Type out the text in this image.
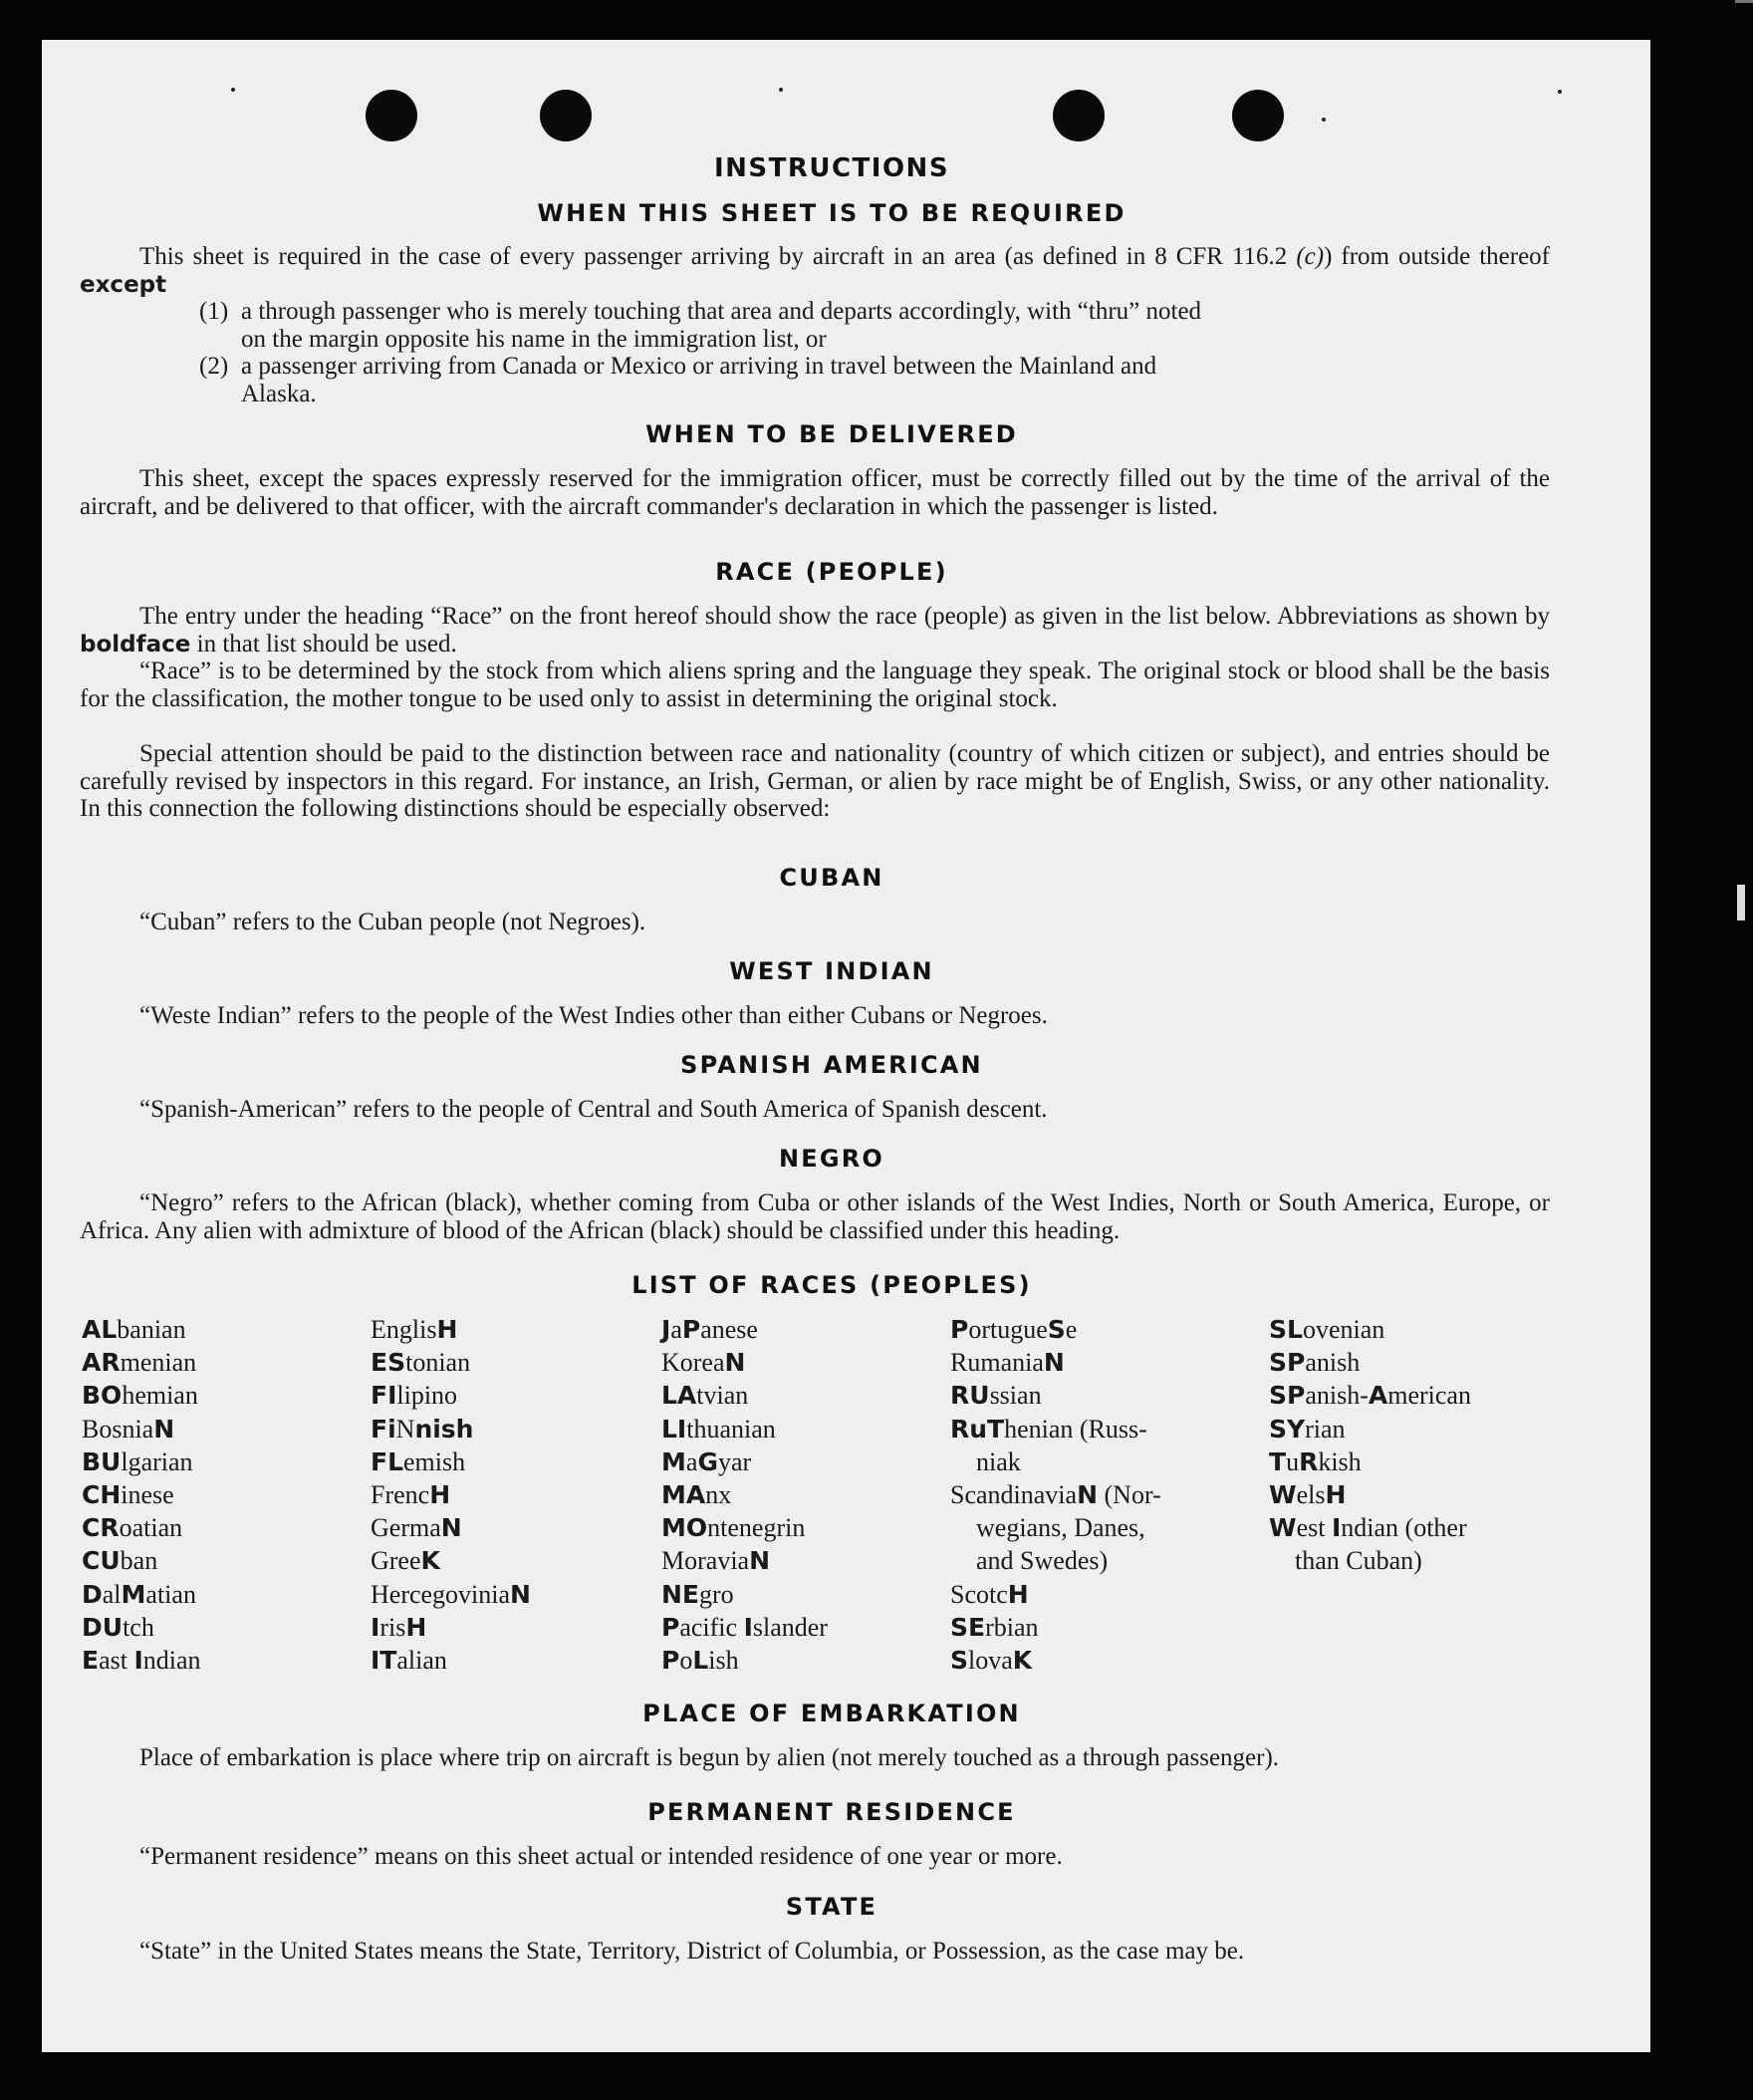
INSTRUCTIONS
WHEN THIS SHEET IS TO BE REQUIRED

This sheet is required in the case of every passenger arriving by aircraft in an area (as defined in 8 CFR 116.2 (c)) from outside thereof except

(1) a through passenger who is merely touching that area and departs accordingly, with “thru” noted
on the margin opposite his name in the immigration list, or
(2) a passenger arriving from Canada or Mexico or arriving in travel between the Mainland and
Alaska.
WHEN TO BE DELIVERED

This sheet, except the spaces expressly reserved for the immigration officer, must be correctly filled out by the time of the arrival of the aircraft, and be delivered to that officer, with the aircraft commander's declaration in which the passenger is listed.

RACE (PEOPLE)

The entry under the heading “Race” on the front hereof should show the race (people) as given in the list below. Abbreviations as shown by boldface in that list should be used.

“Race” is to be determined by the stock from which aliens spring and the language they speak. The original stock or blood shall be the basis for the classification, the mother tongue to be used only to assist in determining the original stock.

Special attention should be paid to the distinction between race and nationality (country of which citizen or subject), and entries should be carefully revised by inspectors in this regard. For instance, an Irish, German, or alien by race might be of English, Swiss, or any other nationality. In this connection the following distinctions should be especially observed:

CUBAN

“Cuban” refers to the Cuban people (not Negroes).

WEST INDIAN

“Weste Indian” refers to the people of the West Indies other than either Cubans or Negroes.

SPANISH AMERICAN

“Spanish-American” refers to the people of Central and South America of Spanish descent.

NEGRO

“Negro” refers to the African (black), whether coming from Cuba or other islands of the West Indies, North or South America, Europe, or Africa. Any alien with admixture of blood of the African (black) should be classified under this heading.

LIST OF RACES (PEOPLES)
ALbanian
ARmenian
BOhemian
BosniaN
BUlgarian
CHinese
CRoatian
CUban
DalMatian
DUtch
East Indian
EnglisH
EStonian
FIlipino
FiNnish
FLemish
FrencH
GermaN
GreeK
HercegoviniaN
IrisH
ITalian
JaPanese
KoreaN
LAtvian
LIthuanian
MaGyar
MAnx
MOntenegrin
MoraviaN
NEgro
Pacific Islander
PoLish
PortugueSe
RumaniaN
RUssian
RuThenian (Russ-
niak
ScandinaviaN (Nor-
wegians, Danes,
and Swedes)
ScotcH
SErbian
SlovaK
SLovenian
SPanish
SPanish-American
SYrian
TuRkish
WelsH
West Indian (other
than Cuban)
PLACE OF EMBARKATION

Place of embarkation is place where trip on aircraft is begun by alien (not merely touched as a through passenger).

PERMANENT RESIDENCE

“Permanent residence” means on this sheet actual or intended residence of one year or more.

STATE

“State” in the United States means the State, Territory, District of Columbia, or Possession, as the case may be.
